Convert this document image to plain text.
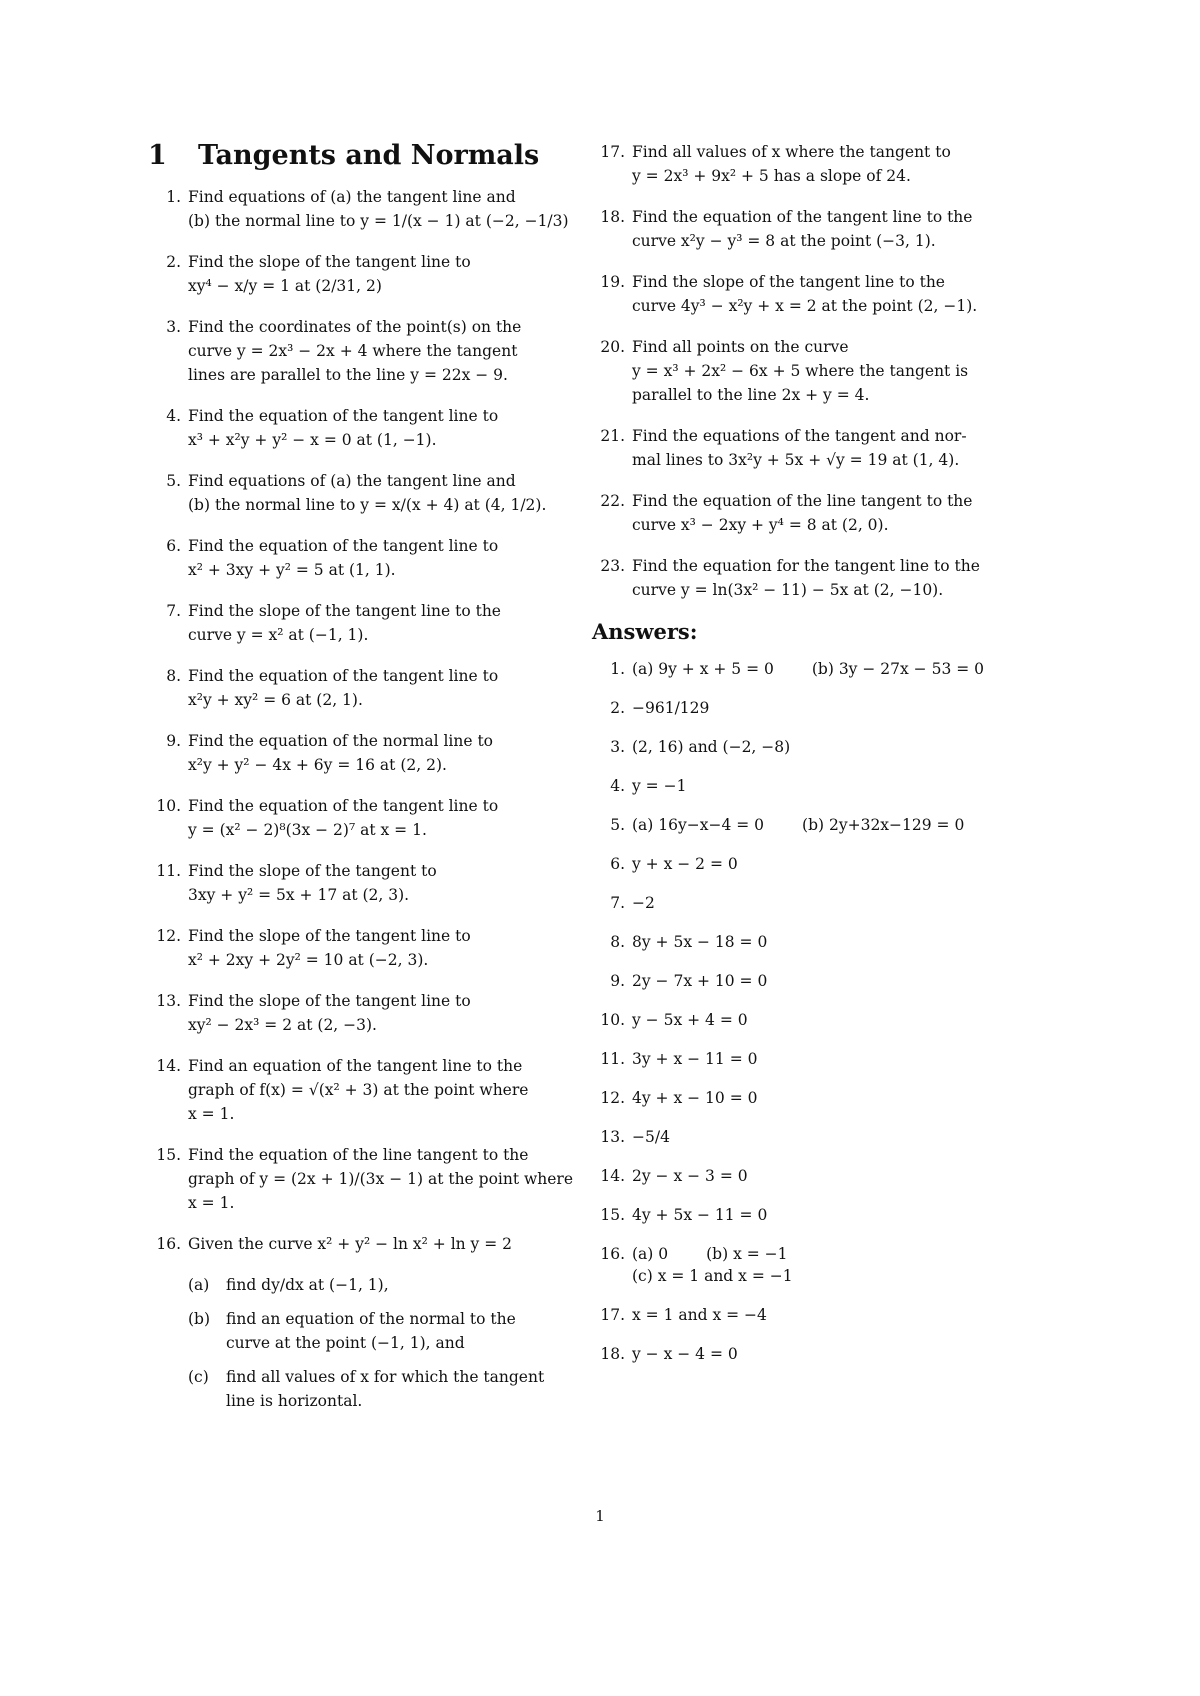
1	Tangents and Normals
1. Find equations of (a) the tangent line and
(b) the normal line to y = 1/(x − 1) at (−2, −1/3)
2. Find the slope of the tangent line to
xy⁴ − x/y = 1 at (2/31, 2)
3. Find the coordinates of the point(s) on the
curve y = 2x³ − 2x + 4 where the tangent
lines are parallel to the line y = 22x − 9.
4. Find the equation of the tangent line to
x³ + x²y + y² − x = 0 at (1, −1).
5. Find equations of (a) the tangent line and
(b) the normal line to y = x/(x + 4) at (4, 1/2).
6. Find the equation of the tangent line to
x² + 3xy + y² = 5 at (1, 1).
7. Find the slope of the tangent line to the
curve y = x² at (−1, 1).
8. Find the equation of the tangent line to
x²y + xy² = 6 at (2, 1).
9. Find the equation of the normal line to
x²y + y² − 4x + 6y = 16 at (2, 2).
10. Find the equation of the tangent line to
y = (x² − 2)⁸(3x − 2)⁷ at x = 1.
11. Find the slope of the tangent to
3xy + y² = 5x + 17 at (2, 3).
12. Find the slope of the tangent line to
x² + 2xy + 2y² = 10 at (−2, 3).
13. Find the slope of the tangent line to
xy² − 2x³ = 2 at (2, −3).
14. Find an equation of the tangent line to the
graph of f(x) = √(x² + 3) at the point where
x = 1.
15. Find the equation of the line tangent to the
graph of y = (2x + 1)/(3x − 1) at the point where
x = 1.
16. Given the curve x² + y² − ln x² + ln y = 2
(a)	find dy/dx at (−1, 1),
(b)	find an equation of the normal to the
curve at the point (−1, 1), and
(c)	find all values of x for which the tangent
line is horizontal.
17. Find all values of x where the tangent to
y = 2x³ + 9x² + 5 has a slope of 24.
18. Find the equation of the tangent line to the
curve x²y − y³ = 8 at the point (−3, 1).
19. Find the slope of the tangent line to the
curve 4y³ − x²y + x = 2 at the point (2, −1).
20. Find all points on the curve
y = x³ + 2x² − 6x + 5 where the tangent is
parallel to the line 2x + y = 4.
21. Find the equations of the tangent and nor-
mal lines to 3x²y + 5x + √y = 19 at (1, 4).
22. Find the equation of the line tangent to the
curve x³ − 2xy + y⁴ = 8 at (2, 0).
23. Find the equation for the tangent line to the
curve y = ln(3x² − 11) − 5x at (2, −10).
Answers:
1. (a) 9y + x + 5 = 0 (b) 3y − 27x − 53 = 0
2. −961/129
3. (2, 16) and (−2, −8)
4. y = −1
5. (a) 16y−x−4 = 0 (b) 2y+32x−129 = 0
6. y + x − 2 = 0
7. −2
8. 8y + 5x − 18 = 0
9. 2y − 7x + 10 = 0
10. y − 5x + 4 = 0
11. 3y + x − 11 = 0
12. 4y + x − 10 = 0
13. −5/4
14. 2y − x − 3 = 0
15. 4y + 5x − 11 = 0
16. (a) 0 (b) x = −1
(c) x = 1 and x = −1
17. x = 1 and x = −4
18. y − x − 4 = 0
1
